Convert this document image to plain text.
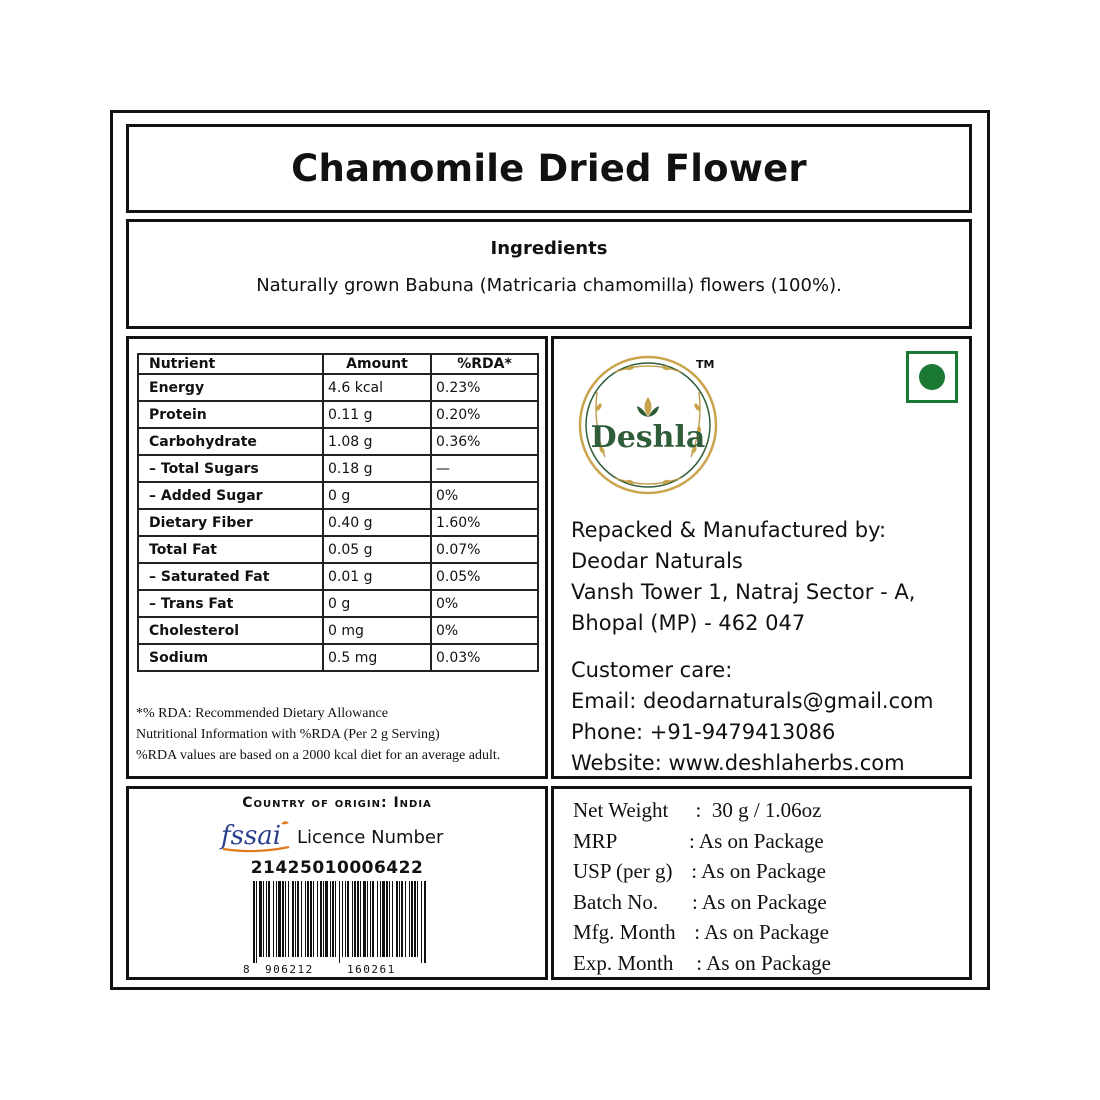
Chamomile Dried Flower
Ingredients
Naturally grown Babuna (Matricaria chamomilla) flowers (100%).
Nutrient	Amount	%RDA*
Energy	4.6 kcal	0.23%
Protein	0.11 g	0.20%
Carbohydrate	1.08 g	0.36%
– Total Sugars	0.18 g	—
– Added Sugar	0 g	0%
Dietary Fiber	0.40 g	1.60%
Total Fat	0.05 g	0.07%
– Saturated Fat	0.01 g	0.05%
– Trans Fat	0 g	0%
Cholesterol	0 mg	0%
Sodium	0.5 mg	0.03%
*% RDA: Recommended Dietary Allowance
Nutritional Information with %RDA (Per 2 g Serving)
%RDA values are based on a 2000 kcal diet for an average adult.
Deshla
TM
Repacked & Manufactured by:
Deodar Naturals
Vansh Tower 1, Natraj Sector - A,
Bhopal (MP) - 462 047
Customer care:
Email: deodarnaturals@gmail.com
Phone: +91-9479413086
Website: www.deshlaherbs.com
Country of origin: India
fssai Licence Number
21425010006422
8 906212	160261
Net Weight :  30 g / 1.06oz
MRP	: As on Package
USP (per g) : As on Package
Batch No.	: As on Package
Mfg. Month : As on Package
Exp. Month : As on Package
